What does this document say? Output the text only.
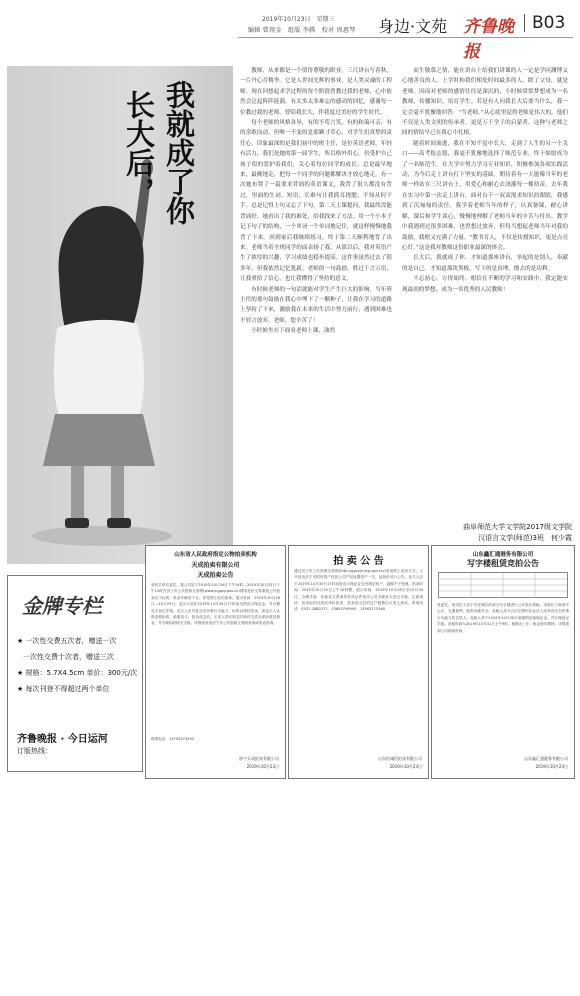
2019年10月23日　星期三
编辑 曾现金　组版 李腾　校对 周惠琴 身边·文苑 齐鲁晚报
B03
我就成了你
长大后，

教师，从来都是一个值得尊敬的职业。三尺讲台写春秋，一片丹心育桃李。它是人世间光辉的事业，是人类灵魂的工程师。现在回想起求学过程的每个阶段曾教过我的老师，心中依然会泛起阵阵涟漪，有太多太多难忘的感动的回忆，感谢每一位教过我的老师，曾陪我长大，伴我度过美好的学生时代。

每个老师的风格各异，有的不苟言笑，有的和蔼可亲，有的余歌而动。但唯一不变的是那颗寸草心，对学生们真挚的责任心。印象最深的是我们初中的班主任，是位英语老师，年轻有活力，我们是她的第一届学生，所以格外用心。倍受护自己孩子似的爱护着我们，关心着每位同学的成长。总是最早地来，最晚地走，把每一个同学的问题都解决才放心地走。有一次她布置了一篇要求背诵的英语课文，我背了很久都没有背过，里面的生词、短语、长难句让我抓耳挠腮，不知从何下手。总是记得上句又忘了下句。第二天上课提问，我最终没能背诵好，她看出了我的难处，给我找来了方法。用一个小本子记下句子的结构，一个单词一个单词地记住，就这样慢慢地我背了下来。回到家后我继续练习，终于第二天顺利地背了出来。老师当着全班同学的面表扬了我，从那以后，我对英语产生了浓厚的兴趣，学习成绩也稳步提高。这件事虽然过去了很多年，但我依然记忆犹新。老师的一句鼓励，胜过千言万语，让我重拾了信心，也让我懂得了坚持的意义。

有时候老师的一句话就能对学生产生巨大的影响，当年班主任的那句鼓励在我心中埋下了一颗种子，让我在学习的道路上坚持了下来，激励我在未来的生活中努力前行，遇到困难也不轻言放弃。老师，您辛苦了！

小时候坐在下面看老师上课，油然

而生敬慕之情，能在讲台上给我们讲课的人一定是学问渊博又心地善良的人。上学时和我们相处时间最多的人，除了父母，就是老师。因而对老师的感情往往是深沉的，小时候常常梦想成为一名教师，传播知识，培育学生。若是有人问我长大后要当什么，我一定会毫不犹豫地回答：“当老师。”从心底里觉得老师是伟大的，他们不仅是人类文明的传承者，更是万千学子的启蒙者，这种与老师之间的情结早已在我心中扎根。

随着时间流逝，我在不知不觉中长大，走到了人生的另一个关口——高考报志愿，我毫不犹豫地选择了师范专业，终于如愿成为了一名师范生。在大学中努力学习专业知识，积极参加各项实践活动，为今后走上讲台打下坚实的基础，期待着有一天能像当年的老师一样站在三尺讲台上，用爱心和耐心去浇灌每一棵幼苗。去年我在实习中第一次走上讲台，面对台下一双双渴求知识的眼睛，我感到了沉甸甸的责任。我学着老师当年的样子，认真备课，耐心讲解，课后和学生谈心，慢慢地理解了老师当年的辛苦与付出。教学中我遇到过很多困难，也曾想过放弃，但每当想起老师当年对我的鼓励，我便又充满了力量。“教书育人，不仅是传授知识，更是点亮心灯。”这是我对教师这份职业最深的体会。

长大后，我就成了你，才知道那座讲台，举起的是别人，奉献的是自己。才知道那块黑板，写下的是真理，擦去的是功利。

不忘初心，方得始终。相信在不断的学习和实践中，我定能实现最初的梦想，成为一名优秀的人民教师！

曲阜师范大学文学院2017级文学院
汉语言文学(师范)3班　何少霞
金牌专栏
★ 一次性交费五次者，赠送一次
一次性交费十次者，赠送三次
★ 规格：5.7X4.5cm 单价：300元/次
★ 每次刊登不得超过两个单位
齐鲁晚报 · 今日运河
订版热线：
山东省人民政府指定公物拍卖机构
天成拍卖有限公司
天成拍卖公告
受有关单位委托，我公司定于2019年10月30日下午14时—2019年10月31日下午14时在济宁市公共资源交易网(www.jnggzy.gov.cn)网络竞价交易系统公开拍卖以下标的：机动车辆若干台，详见网上标的清单。展示时间：2019年10月28日—10月29日。竞买人须在2019年10月29日17时前交纳竞买保证金，并办理竞买登记手续。竞买人应具备完全民事行为能力，标的以现状拍卖，请竞买人认真查看标的，慎重竞买。拍卖成交后，买受人须在规定时间内交清全部价款及佣金，并办理标的移交手续。详情请登录济宁市公共资源交易网查询或电话咨询。
联系电话：13705373294
济宁天成拍卖有限公司
2019年10月23日
拍 卖 公 告
通过济宁市公共资源交易网(http://ggzy.jining.gov.cn/)采用网上竞价方式，公开拍卖济宁市国有资产经营公司产权处置资产一宗，起拍价另行公告。竞买人应于2019年10月30日17时前将竞买保证金交至指定账户，逾期不予受理。拍卖时间：2019年10月31日上午10时整。展示时间：2019年10月28日至10月30日。办理手续：有意竞买者请持有效证件到本公司办理竞买登记手续。注意事项：拍卖标的以现状净价拍卖，拍卖成交后的过户税费由买受人承担。咨询电话：0537-2882277、13653799990、13563715360
山东恒诚信拍卖有限公司
2019年10月23日
山东鑫汇通港务有限公司
写字楼租赁竞拍公告
受委托，现对位于济宁市任城区的部分写字楼进行公开竞价招租。房屋位于商务中心区，交通便利，配套设施齐全。竞租人须为合法注册的企业法人或具有完全民事行为能力的自然人。竞租人须于2019年10月30日前缴纳竞租保证金，并办理登记手续。竞租时间为2019年10月31日上午9时。租期为三年，租金按年缴纳。详情请到公司现场咨询。
山东鑫汇通港务有限公司
2019年10月23日
